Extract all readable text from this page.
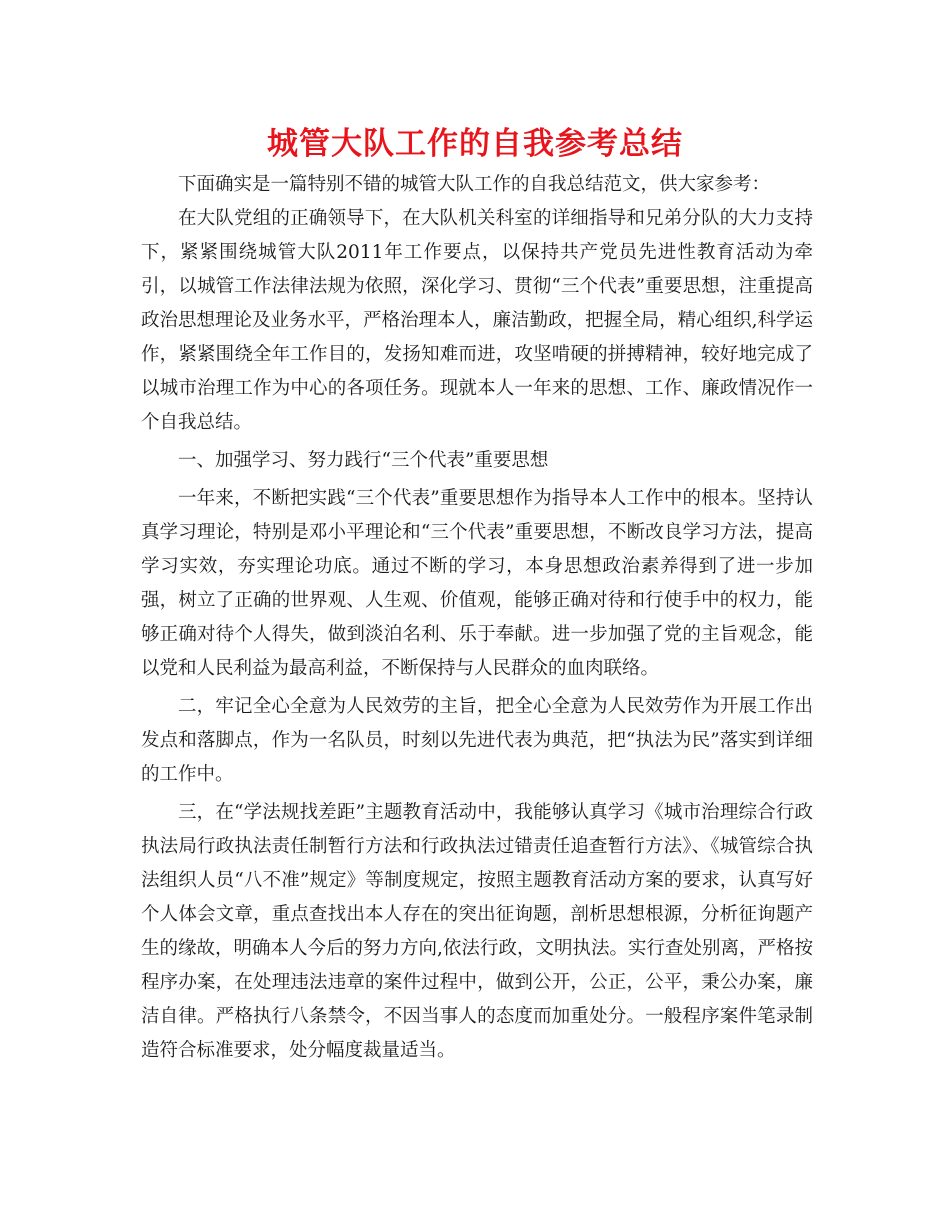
城管大队工作的自我参考总结

下面确实是一篇特别不错的城管大队工作的自我总结范文，供大家参考：

在大队党组的正确领导下，在大队机关科室的详细指导和兄弟分队的大力支持下，紧紧围绕城管大队2011年工作要点，以保持共产党员先进性教育活动为牵引，以城管工作法律法规为依照，深化学习、贯彻“三个代表”重要思想，注重提高政治思想理论及业务水平，严格治理本人，廉洁勤政，把握全局，精心组织,科学运作，紧紧围绕全年工作目的，发扬知难而进，攻坚啃硬的拼搏精神，较好地完成了以城市治理工作为中心的各项任务。现就本人一年来的思想、工作、廉政情况作一个自我总结。

一、加强学习、努力践行“三个代表”重要思想

一年来，不断把实践“三个代表”重要思想作为指导本人工作中的根本。坚持认真学习理论，特别是邓小平理论和“三个代表”重要思想，不断改良学习方法，提高学习实效，夯实理论功底。通过不断的学习，本身思想政治素养得到了进一步加强，树立了正确的世界观、人生观、价值观，能够正确对待和行使手中的权力，能够正确对待个人得失，做到淡泊名利、乐于奉献。进一步加强了党的主旨观念，能以党和人民利益为最高利益，不断保持与人民群众的血肉联络。

二，牢记全心全意为人民效劳的主旨，把全心全意为人民效劳作为开展工作出发点和落脚点，作为一名队员，时刻以先进代表为典范，把“执法为民”落实到详细的工作中。

三，在“学法规找差距”主题教育活动中，我能够认真学习《城市治理综合行政执法局行政执法责任制暂行方法和行政执法过错责任追查暂行方法》、《城管综合执法组织人员“八不准”规定》等制度规定，按照主题教育活动方案的要求，认真写好个人体会文章，重点查找出本人存在的突出征询题，剖析思想根源，分析征询题产生的缘故，明确本人今后的努力方向,依法行政，文明执法。实行查处别离，严格按程序办案，在处理违法违章的案件过程中，做到公开，公正，公平，秉公办案，廉洁自律。严格执行八条禁令，不因当事人的态度而加重处分。一般程序案件笔录制造符合标准要求，处分幅度裁量适当。
